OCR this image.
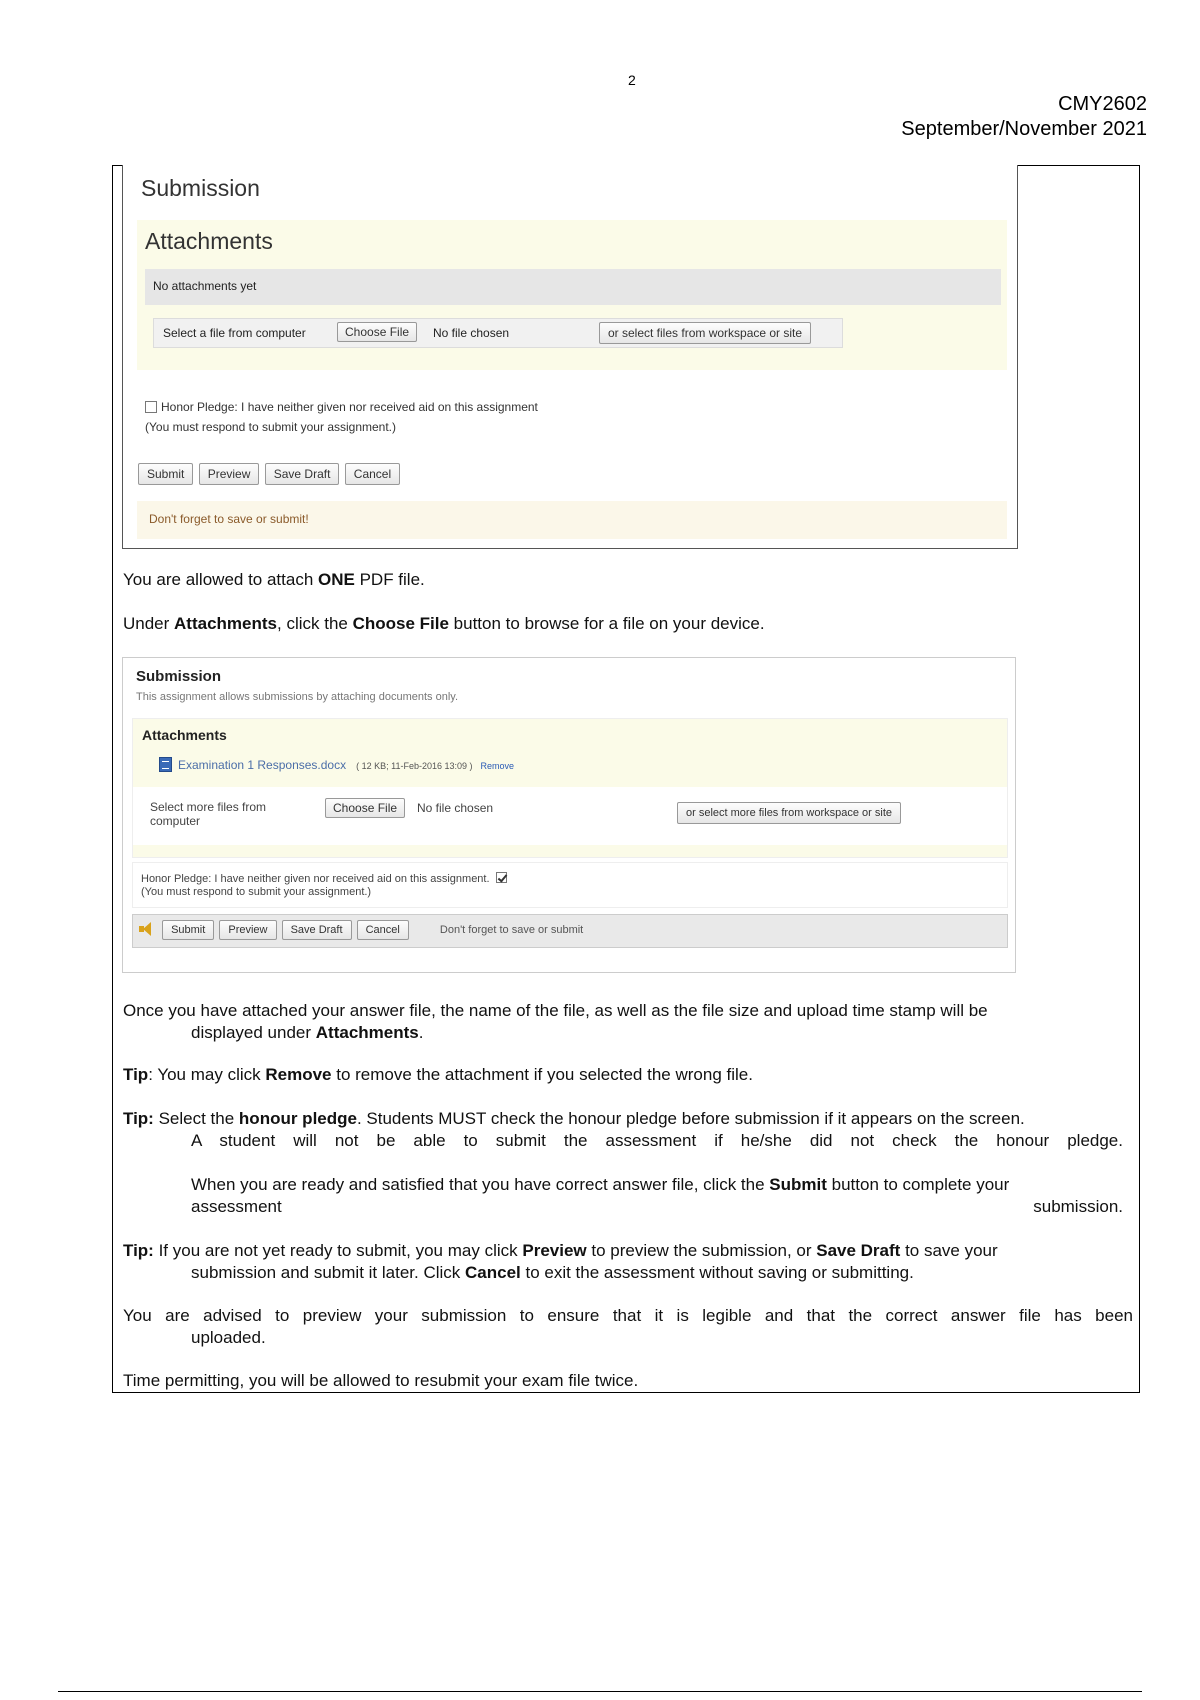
2
CMY2602
September/November 2021
Submission
Attachments
No attachments yet
Select a file from computer	Choose File	No file chosen	or select files from workspace or site
Honor Pledge: I have neither given nor received aid on this assignment
(You must respond to submit your assignment.)
Submit Preview Save Draft Cancel
Don't forget to save or submit!
You are allowed to attach ONE PDF file.
Under Attachments, click the Choose File button to browse for a file on your device.
Submission
This assignment allows submissions by attaching documents only.
Attachments
Examination 1 Responses.docx ( 12 KB; 11-Feb-2016 13:09 ) Remove
Select more files from computer
Choose File	No file chosen	or select more files from workspace or site
Honor Pledge: I have neither given nor received aid on this assignment.
(You must respond to submit your assignment.)
Submit Preview Save Draft Cancel	Don't forget to save or submit
Once you have attached your answer file, the name of the file, as well as the file size and upload time stamp will be
displayed under Attachments.
Tip: You may click Remove to remove the attachment if you selected the wrong file.
Tip: Select the honour pledge. Students MUST check the honour pledge before submission if it appears on the screen.
A student will not be able to submit the assessment if he/she did not check the honour pledge.
When you are ready and satisfied that you have correct answer file, click the Submit button to complete your
assessment	submission.
Tip: If you are not yet ready to submit, you may click Preview to preview the submission, or Save Draft to save your
submission and submit it later. Click Cancel to exit the assessment without saving or submitting.
You are advised to preview your submission to ensure that it is legible and that the correct answer file has been
uploaded.
Time permitting, you will be allowed to resubmit your exam file twice.
